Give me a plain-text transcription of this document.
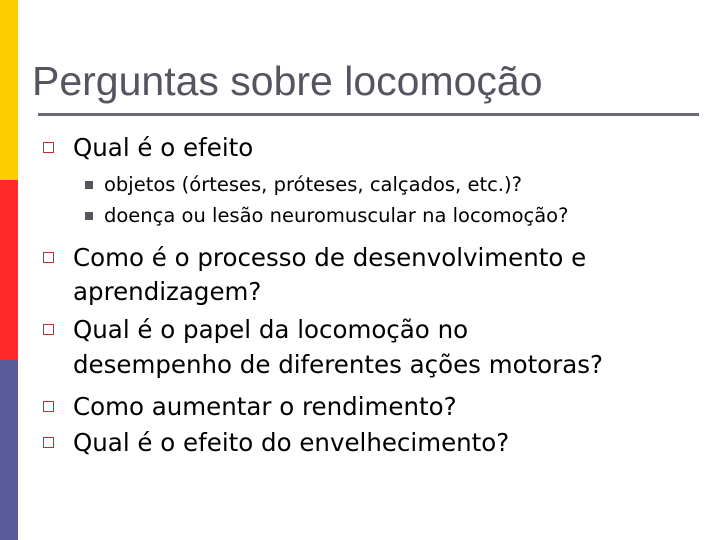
Perguntas sobre locomoção
Qual é o efeito
objetos (órteses, próteses, calçados, etc.)?
doença ou lesão neuromuscular na locomoção?
Como é o processo de desenvolvimento e
aprendizagem?
Qual é o papel da locomoção no
desempenho de diferentes ações motoras?
Como aumentar o rendimento?
Qual é o efeito do envelhecimento?
